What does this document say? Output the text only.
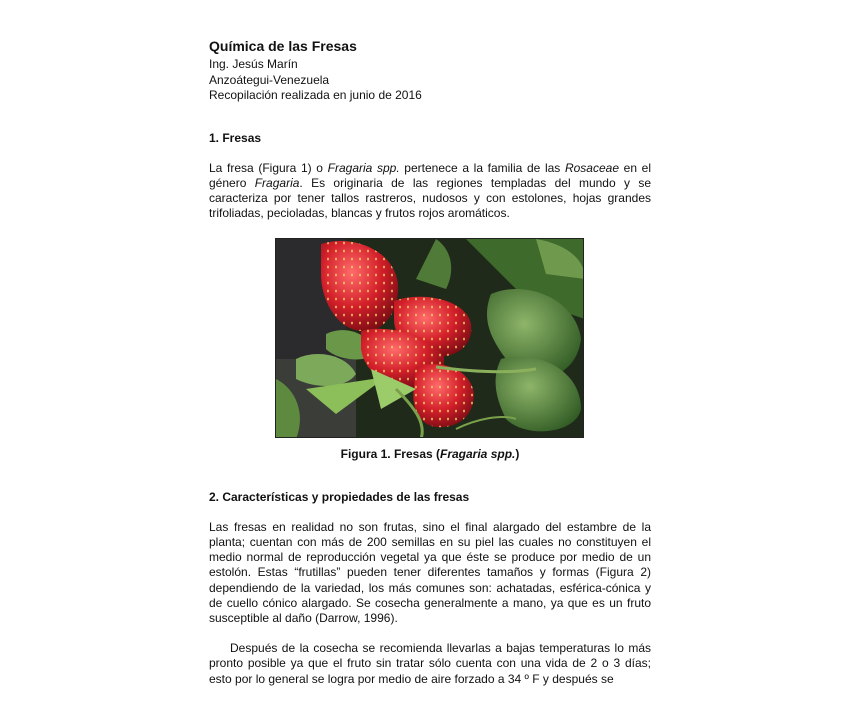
Química de las Fresas
Ing. Jesús Marín
Anzoátegui-Venezuela
Recopilación realizada en junio de 2016
1. Fresas

La fresa (Figura 1) o Fragaria spp. pertenece a la familia de las Rosaceae en el género Fragaria. Es originaria de las regiones templadas del mundo y se caracteriza por tener tallos rastreros, nudosos y con estolones, hojas grandes trifoliadas, pecioladas, blancas y frutos rojos aromáticos.

2. Características y propiedades de las fresas

Las fresas en realidad no son frutas, sino el final alargado del estambre de la planta; cuentan con más de 200 semillas en su piel las cuales no constituyen el medio normal de reproducción vegetal ya que éste se produce por medio de un estolón. Estas “frutillas” pueden tener diferentes tamaños y formas (Figura 2) dependiendo de la variedad, los más comunes son: achatadas, esférica-cónica y de cuello cónico alargado. Se cosecha generalmente a mano, ya que es un fruto susceptible al daño (Darrow, 1996).

Después de la cosecha se recomienda llevarlas a bajas temperaturas lo más pronto posible ya que el fruto sin tratar sólo cuenta con una vida de 2 o 3 días; esto por lo general se logra por medio de aire forzado a 34 º F y después se

Figura 1. Fresas (Fragaria spp.)
